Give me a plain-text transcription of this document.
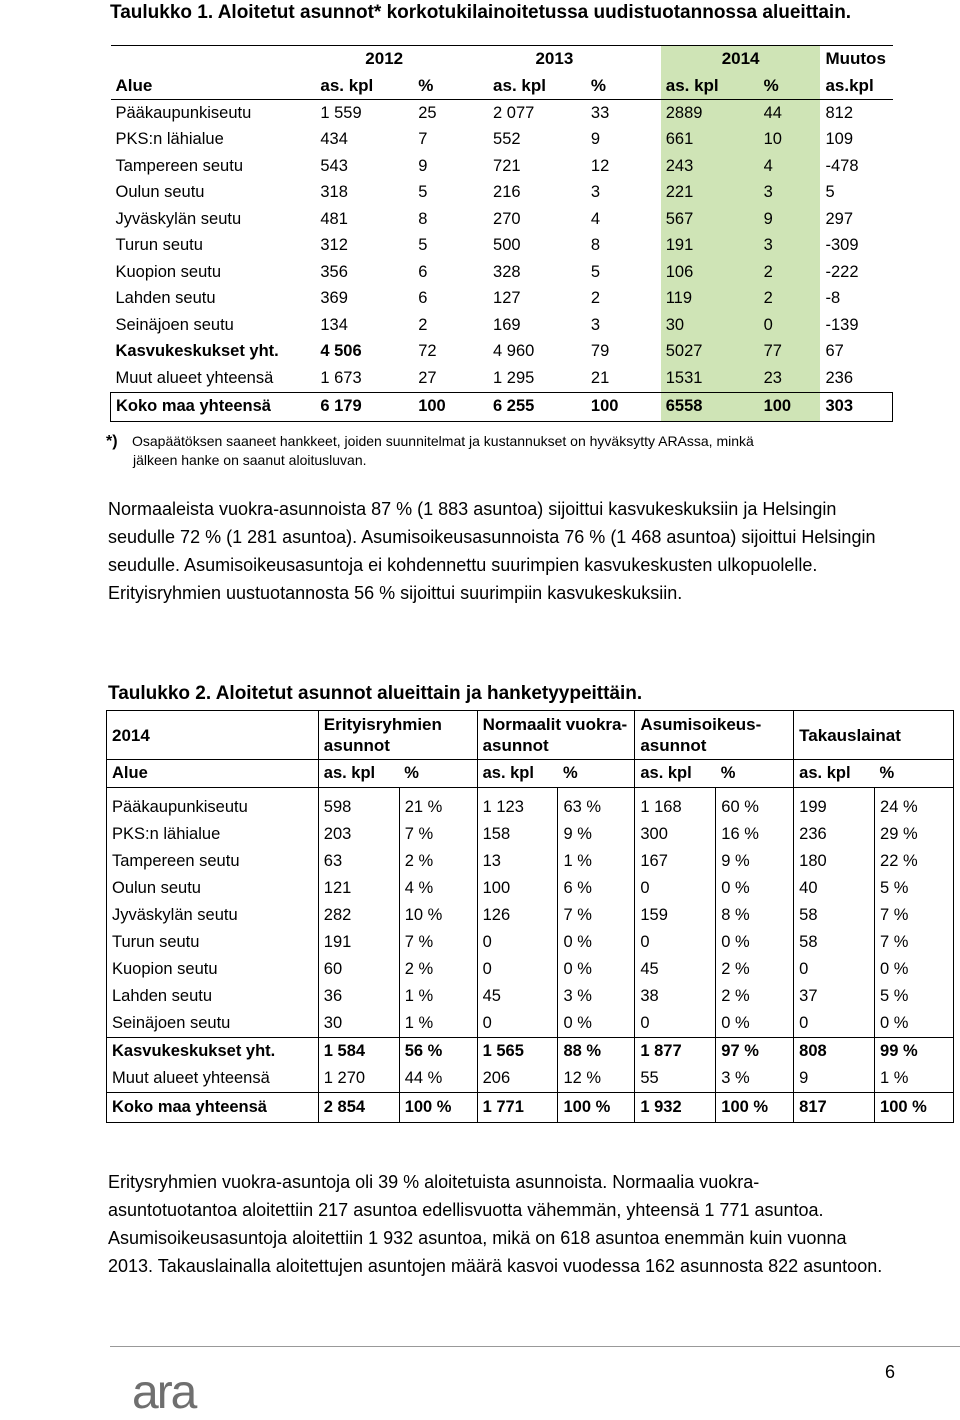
Taulukko 1. Aloitetut asunnot* korkotukilainoitetussa uudistuotannossa alueittain.
	2012		2013		2014		Muutos
Alue	as. kpl	%	as. kpl	%	as. kpl	%	as.kpl
Pääkaupunkiseutu	1 559	25	2 077	33	2889	44	812
PKS:n lähialue	434	7	552	9	661	10	109
Tampereen seutu	543	9	721	12	243	4	-478
Oulun seutu	318	5	216	3	221	3	5
Jyväskylän seutu	481	8	270	4	567	9	297
Turun seutu	312	5	500	8	191	3	-309
Kuopion seutu	356	6	328	5	106	2	-222
Lahden seutu	369	6	127	2	119	2	-8
Seinäjoen seutu	134	2	169	3	30	0	-139
Kasvukeskukset yht.	4 506	72	4 960	79	5027	77	67
Muut alueet yhteensä	1 673	27	1 295	21	1531	23	236
Koko maa yhteensä	6 179	100	6 255	100	6558	100	303
*) Osapäätöksen saaneet hankkeet, joiden suunnitelmat ja kustannukset on hyväksytty ARAssa, minkä
jälkeen hanke on saanut aloitusluvan.
Normaaleista vuokra-asunnoista 87 % (1 883 asuntoa) sijoittui kasvukeskuksiin ja Helsingin seudulle 72 % (1 281 asuntoa). Asumisoikeusasunnoista 76 % (1 468 asuntoa) sijoittui Helsingin seudulle. Asumisoikeusasuntoja ei kohdennettu suurimpien kasvukeskusten ulkopuolelle. Erityisryhmien uustuotannosta 56 % sijoittui suurimpiin kasvukeskuksiin.
Taulukko 2. Aloitetut asunnot alueittain ja hanketyypeittäin.
2014	Erityisryhmien asunnot		Normaalit vuokra-asunnot		Asumisoikeus-asunnot		Takauslainat	
Alue	as. kpl	%	as. kpl	%	as. kpl	%	as. kpl	%

Pääkaupunkiseutu	598	21 %	1 123	63 %	1 168	60 %	199	24 %
PKS:n lähialue	203	7 %	158	9 %	300	16 %	236	29 %
Tampereen seutu	63	2 %	13	1 %	167	9 %	180	22 %
Oulun seutu	121	4 %	100	6 %	0	0 %	40	5 %
Jyväskylän seutu	282	10 %	126	7 %	159	8 %	58	7 %
Turun seutu	191	7 %	0	0 %	0	0 %	58	7 %
Kuopion seutu	60	2 %	0	0 %	45	2 %	0	0 %
Lahden seutu	36	1 %	45	3 %	38	2 %	37	5 %
Seinäjoen seutu	30	1 %	0	0 %	0	0 %	0	0 %
Kasvukeskukset yht.	1 584	56 %	1 565	88 %	1 877	97 %	808	99 %
Muut alueet yhteensä	1 270	44 %	206	12 %	55	3 %	9	1 %
Koko maa yhteensä	2 854	100 %	1 771	100 %	1 932	100 %	817	100 %
Eritysryhmien vuokra-asuntoja oli 39 % aloitetuista asunnoista. Normaalia vuokra-asuntotuotantoa aloitettiin 217 asuntoa edellisvuotta vähemmän, yhteensä 1 771 asuntoa. Asumisoikeusasuntoja aloitettiin 1 932 asuntoa, mikä on 618 asuntoa enemmän kuin vuonna 2013. Takauslainalla aloitettujen asuntojen määrä kasvoi vuodessa 162 asunnosta 822 asuntoon.
6
ara
